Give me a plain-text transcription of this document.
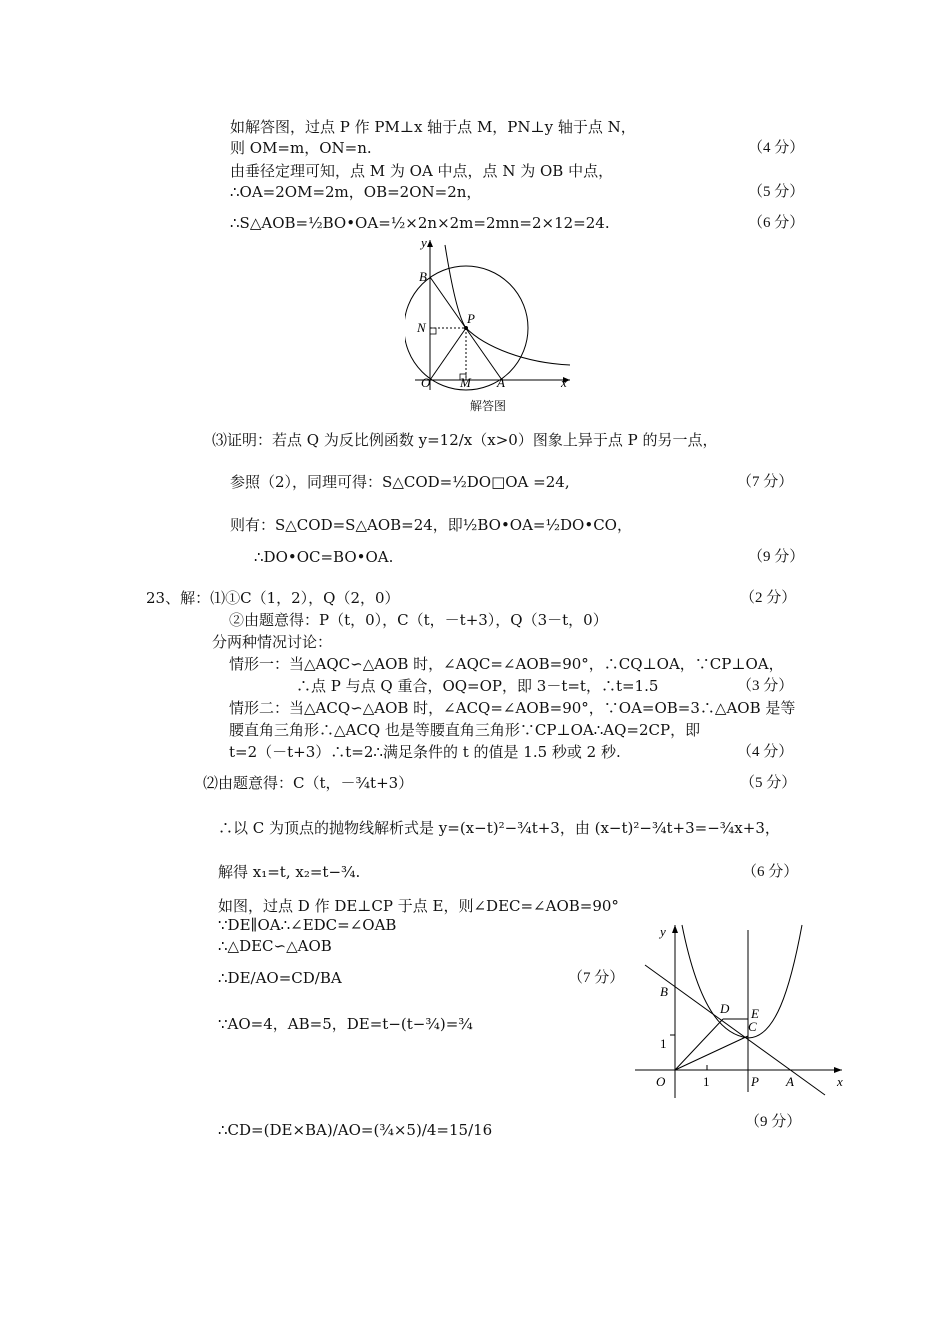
如解答图，过点 P 作 PM⊥x 轴于点 M，PN⊥y 轴于点 N，
则 OM=m，ON=n.	（4 分）
由垂径定理可知，点 M 为 OA 中点，点 N 为 OB 中点，
∴OA=2OM=2m，OB=2ON=2n，	（5 分）
∴S△AOB=½BO•OA=½×2n×2m=2mn=2×12=24.	（6 分）
y
x
B
N
P
O M A
解答图
⑶证明：若点 Q 为反比例函数 y=12/x（x>0）图象上异于点 P 的另一点，
参照（2），同理可得：S△COD=½DO□OA =24,	（7 分）
则有：S△COD=S△AOB=24，即½BO•OA=½DO•CO，
∴DO•OC=BO•OA.	（9 分）
23、解：⑴①C（1，2），Q（2，0）	（2 分）
②由题意得：P（t，0），C（t，－t+3），Q（3－t，0）
分两种情况讨论：
情形一：当△AQC∽△AOB 时，∠AQC=∠AOB=90°，∴CQ⊥OA，∵CP⊥OA，
∴点 P 与点 Q 重合，OQ=OP，即 3－t=t，∴t=1.5	（3 分）
情形二：当△ACQ∽△AOB 时，∠ACQ=∠AOB=90°，∵OA=OB=3∴△AOB 是等
腰直角三角形∴△ACQ 也是等腰直角三角形∵CP⊥OA∴AQ=2CP，即
t=2（－t+3）∴t=2∴满足条件的 t 的值是 1.5 秒或 2 秒.	（4 分）
⑵由题意得：C（t，－¾t+3）	（5 分）
∴以 C 为顶点的抛物线解析式是 y=(x−t)²−¾t+3，由 (x−t)²−¾t+3=−¾x+3，
解得 x₁=t, x₂=t−¾.	（6 分）
如图，过点 D 作 DE⊥CP 于点 E，则∠DEC=∠AOB=90°
∵DE∥OA∴∠EDC=∠OAB
∴△DEC∽△AOB
∴DE/AO=CD/BA	（7 分）
∵AO=4，AB=5，DE=t−(t−¾)=¾
∴CD=(DE×BA)/AO=(¾×5)/4=15/16	（9 分）
y
x
B
D E
C
1
O	1	P A
